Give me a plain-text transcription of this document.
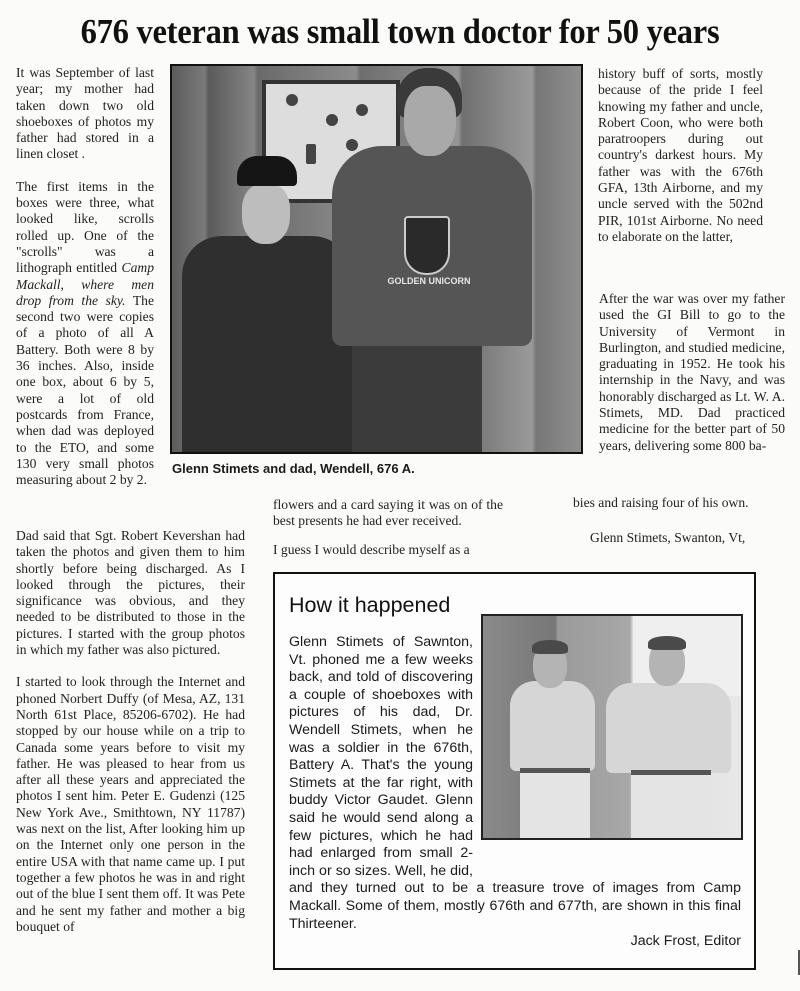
676 veteran was small town doctor for 50 years

It was September of last year; my mother had taken down two old shoeboxes of photos my father had stored in a linen closet .

The first items in the boxes were three, what looked like, scrolls rolled up. One of the "scrolls" was a lithograph entitled Camp Mackall, where men drop from the sky. The second two were copies of a photo of all A Battery. Both were 8 by 36 inches. Also, inside one box, about 6 by 5, were a lot of old postcards from France, when dad was deployed to the ETO, and some 130 very small photos measuring about 2 by 2.

Dad said that Sgt. Robert Kevershan had taken the photos and given them to him shortly before being discharged. As I looked through the pictures, their significance was obvious, and they needed to be distributed to those in the pictures. I started with the group photos in which my father was also pictured.

I started to look through the Internet and phoned Norbert Duffy (of Mesa, AZ, 131 North 61st Place, 85206-6702). He had stopped by our house while on a trip to Canada some years before to visit my father. He was pleased to hear from us after all these years and appreciated the photos I sent him. Peter E. Gudenzi (125 New York Ave., Smithtown, NY 11787) was next on the list, After looking him up on the Internet only one person in the entire USA with that name came up. I put together a few photos he was in and right out of the blue I sent them off. It was Pete and he sent my father and mother a big bouquet of

flowers and a card saying it was on of the best presents he had ever received.

I guess I would describe myself as a

history buff of sorts, mostly because of the pride I feel knowing my father and uncle, Robert Coon, who were both paratroopers during out country's darkest hours. My father was with the 676th GFA, 13th Airborne, and my uncle served with the 502nd PIR, 101st Airborne. No need to elaborate on the latter,

After the war was over my father used the GI Bill to go to the University of Vermont in Burlington, and studied medicine, graduating in 1952. He took his internship in the Navy, and was honorably discharged as Lt. W. A. Stimets, MD. Dad practiced medicine for the better part of 50 years, delivering some 800 ba-

bies and raising four of his own.
Glenn Stimets, Swanton, Vt,
GOLDEN UNICORN
Glenn Stimets and dad, Wendell, 676 A.
How it happened

Glenn Stimets of Sawnton, Vt. phoned me a few weeks back, and told of discovering a couple of shoeboxes with pictures of his dad, Dr. Wendell Stimets, when he was a soldier in the 676th, Battery A. That's the young Stimets at the far right, with buddy Victor Gaudet. Glenn said he would send along a few pictures, which he had had enlarged from small 2-inch or so sizes. Well, he did, and they turned out to be a treasure trove of images from Camp Mackall. Some of them, mostly 676th and 677th, are shown in this final Thirteener.

Jack Frost, Editor
